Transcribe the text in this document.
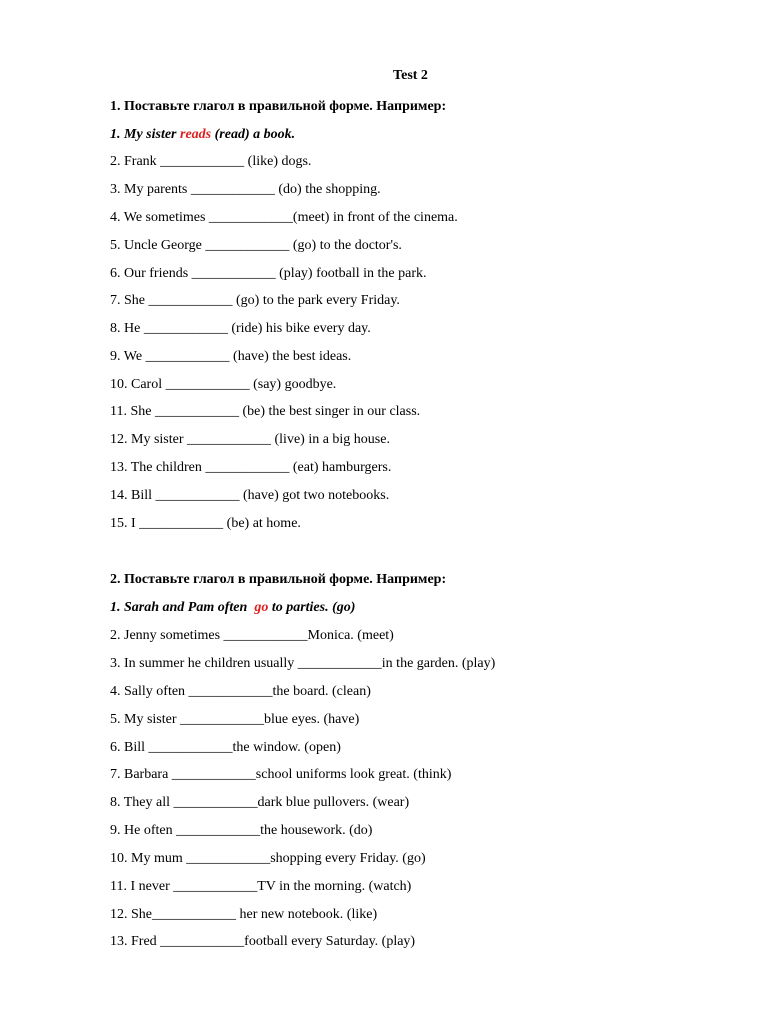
Test 2
1. Поставьте глагол в правильной форме. Например:
1. My sister reads (read) a book.
2. Frank ____________ (like) dogs.
3. My parents ____________ (do) the shopping.
4. We sometimes ____________(meet) in front of the cinema.
5. Uncle George ____________ (go) to the doctor's.
6. Our friends ____________ (play) football in the park.
7. She ____________ (go) to the park every Friday.
8. He ____________ (ride) his bike every day.
9. We ____________ (have) the best ideas.
10. Carol ____________ (say) goodbye.
11. She ____________ (be) the best singer in our class.
12. My sister ____________ (live) in a big house.
13. The children ____________ (eat) hamburgers.
14. Bill ____________ (have) got two notebooks.
15. I ____________ (be) at home.
2. Поставьте глагол в правильной форме. Например:
1. Sarah and Pam often  go to parties. (go)
2. Jenny sometimes ____________Monica. (meet)
3. In summer he children usually ____________in the garden. (play)
4. Sally often ____________the board. (clean)
5. My sister ____________blue eyes. (have)
6. Bill ____________the window. (open)
7. Barbara ____________school uniforms look great. (think)
8. They all ____________dark blue pullovers. (wear)
9. He often ____________the housework. (do)
10. My mum ____________shopping every Friday. (go)
11. I never ____________TV in the morning. (watch)
12. She____________ her new notebook. (like)
13. Fred ____________football every Saturday. (play)
